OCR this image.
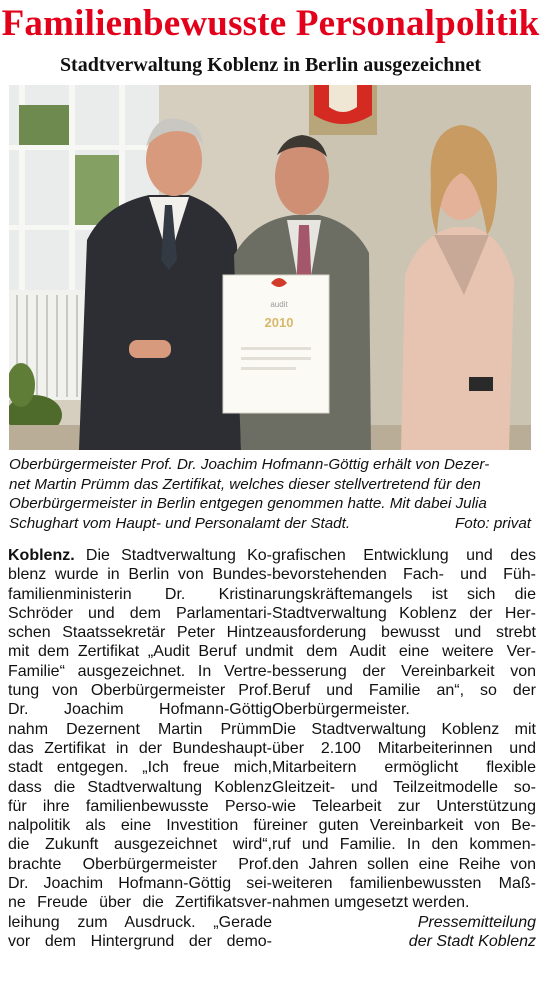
Familienbewusste Personalpolitik
Stadtverwaltung Koblenz in Berlin ausgezeichnet
audit
2010

Oberbürgermeister Prof. Dr. Joachim Hofmann-Göttig erhält von Dezer-

net Martin Prümm das Zertifikat, welches dieser stellvertretend für den

Oberbürgermeister in Berlin entgegen genommen hatte. Mit dabei Julia

Schughart vom Haupt- und Personalamt der Stadt.	Foto: privat

Koblenz. Die Stadtverwaltung Ko-
blenz wurde in Berlin von Bundes-
familienministerin Dr. Kristina
Schröder und dem Parlamentari-
schen Staatssekretär Peter Hintze
mit dem Zertifikat „Audit Beruf und
Familie“ ausgezeichnet. In Vertre-
tung von Oberbürgermeister Prof.
Dr. Joachim Hofmann-Göttig
nahm Dezernent Martin Prümm
das Zertifikat in der Bundeshaupt-
stadt entgegen. „Ich freue mich,
dass die Stadtverwaltung Koblenz
für ihre familienbewusste Perso-
nalpolitik als eine Investition für
die Zukunft ausgezeichnet wird“,
brachte Oberbürgermeister Prof.
Dr. Joachim Hofmann-Göttig sei-
ne Freude über die Zertifikatsver-
leihung zum Ausdruck. „Gerade
vor dem Hintergrund der demo-
grafischen Entwicklung und des
bevorstehenden Fach- und Füh-
rungskräftemangels ist sich die
Stadtverwaltung Koblenz der Her-
ausforderung bewusst und strebt
mit dem Audit eine weitere Ver-
besserung der Vereinbarkeit von
Beruf und Familie an“, so der
Oberbürgermeister.
Die Stadtverwaltung Koblenz mit
über 2.100 Mitarbeiterinnen und
Mitarbeitern ermöglicht flexible
Gleitzeit- und Teilzeitmodelle so-
wie Telearbeit zur Unterstützung
einer guten Vereinbarkeit von Be-
ruf und Familie. In den kommen-
den Jahren sollen eine Reihe von
weiteren familienbewussten Maß-
nahmen umgesetzt werden.
Pressemitteilung
der Stadt Koblenz
